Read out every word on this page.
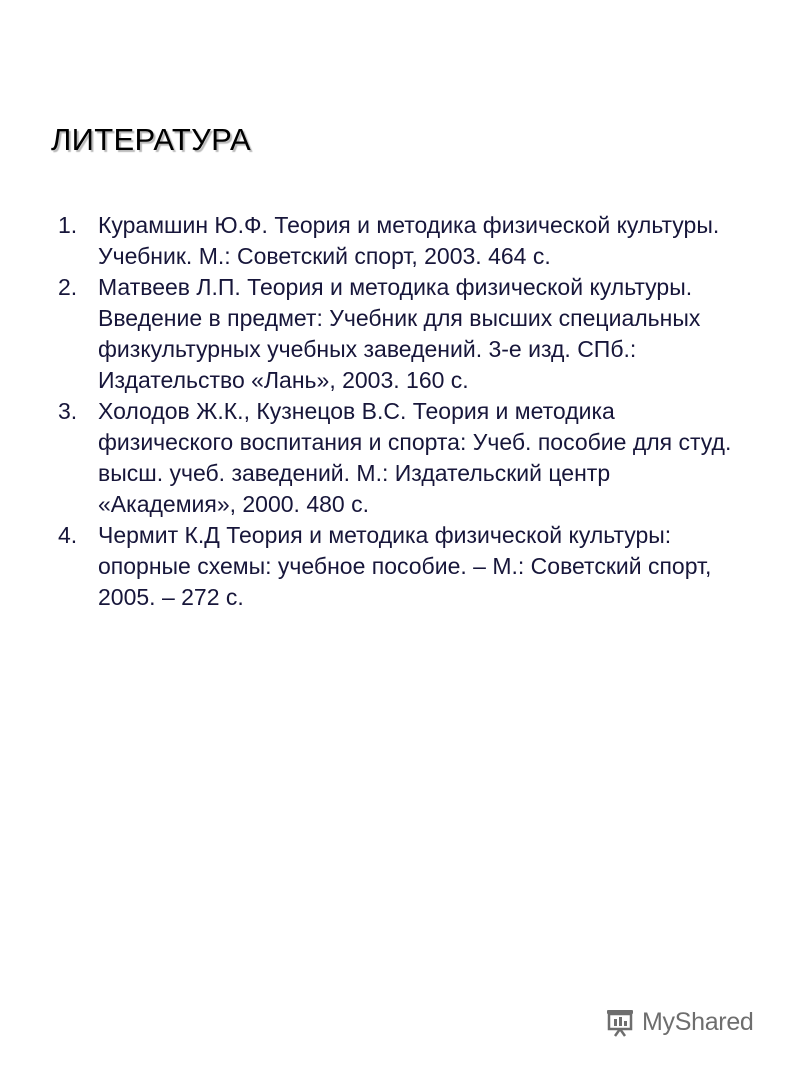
ЛИТЕРАТУРА
1. Курамшин Ю.Ф. Теория и методика физической культуры. Учебник. М.: Советский спорт, 2003. 464 с.
2. Матвеев Л.П. Теория и методика физической культуры. Введение в предмет: Учебник для высших специальных физкультурных учебных заведений. 3-е изд. СПб.: Издательство «Лань», 2003. 160 с.
3. Холодов Ж.К., Кузнецов В.С. Теория и методика физического воспитания и спорта: Учеб. пособие для студ. высш. учеб. заведений. М.: Издательский центр «Академия», 2000. 480 с.
4. Чермит К.Д Теория и методика физической культуры: опорные схемы: учебное пособие. – М.: Советский спорт, 2005. – 272 с.
MyShared
